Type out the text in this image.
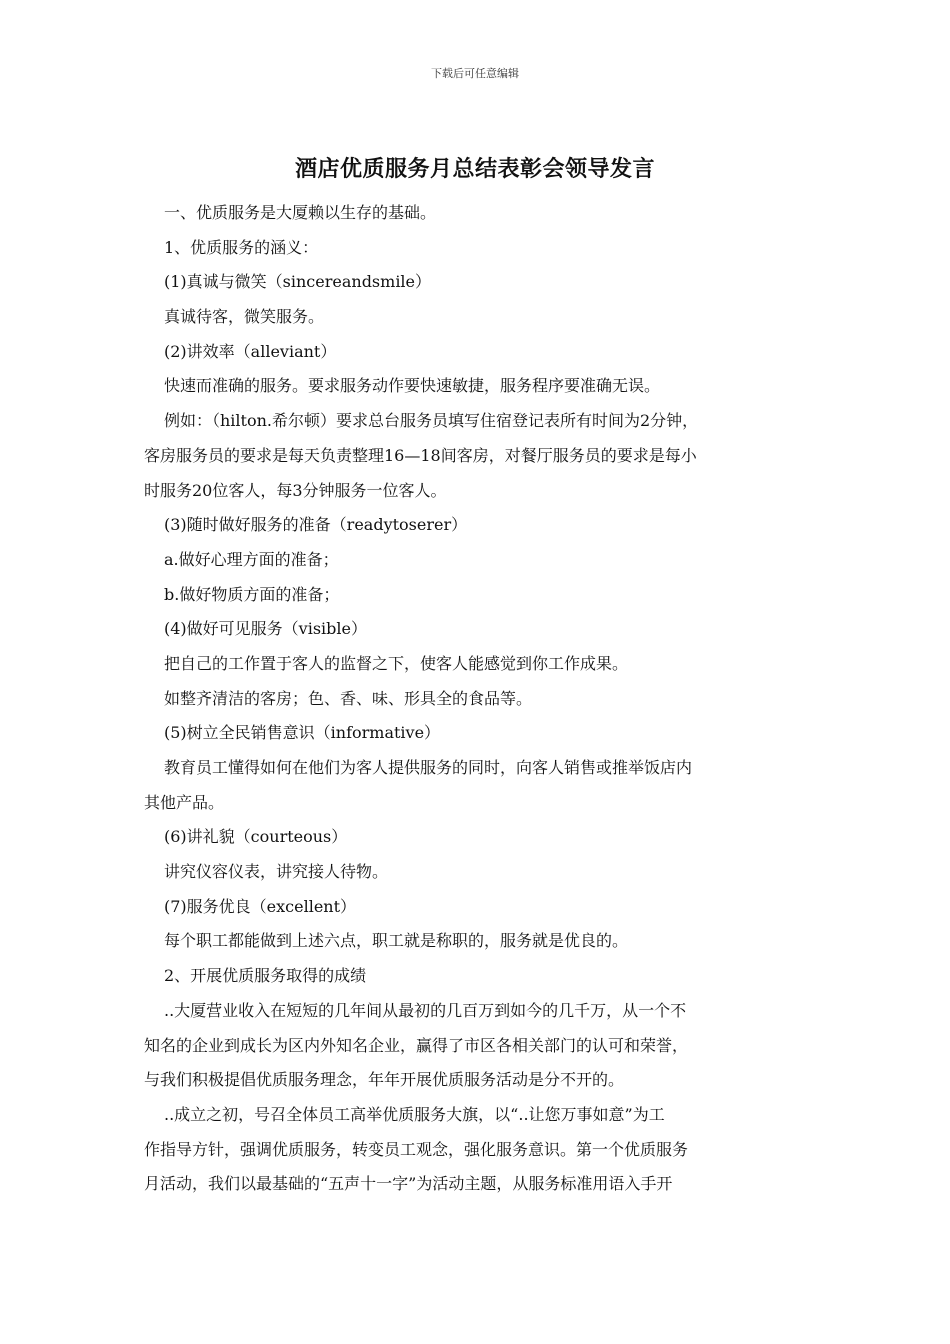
下载后可任意编辑
酒店优质服务月总结表彰会领导发言
一、优质服务是大厦赖以生存的基础。
1、优质服务的涵义：
(1)真诚与微笑（sincereandsmile）
真诚待客，微笑服务。
(2)讲效率（alleviant）
快速而准确的服务。要求服务动作要快速敏捷，服务程序要准确无误。
例如：（hilton.希尔顿）要求总台服务员填写住宿登记表所有时间为2分钟，
客房服务员的要求是每天负责整理16—18间客房，对餐厅服务员的要求是每小
时服务20位客人，每3分钟服务一位客人。
(3)随时做好服务的准备（readytoserer）
a.做好心理方面的准备；
b.做好物质方面的准备；
(4)做好可见服务（visible）
把自己的工作置于客人的监督之下，使客人能感觉到你工作成果。
如整齐清洁的客房；色、香、味、形具全的食品等。
(5)树立全民销售意识（informative）
教育员工懂得如何在他们为客人提供服务的同时，向客人销售或推举饭店内
其他产品。
(6)讲礼貌（courteous）
讲究仪容仪表，讲究接人待物。
(7)服务优良（excellent）
每个职工都能做到上述六点，职工就是称职的，服务就是优良的。
2、开展优质服务取得的成绩
..大厦营业收入在短短的几年间从最初的几百万到如今的几千万，从一个不
知名的企业到成长为区内外知名企业，赢得了市区各相关部门的认可和荣誉，
与我们积极提倡优质服务理念，年年开展优质服务活动是分不开的。
..成立之初，号召全体员工高举优质服务大旗，以“..让您万事如意”为工
作指导方针，强调优质服务，转变员工观念，强化服务意识。第一个优质服务
月活动，我们以最基础的“五声十一字”为活动主题，从服务标准用语入手开
